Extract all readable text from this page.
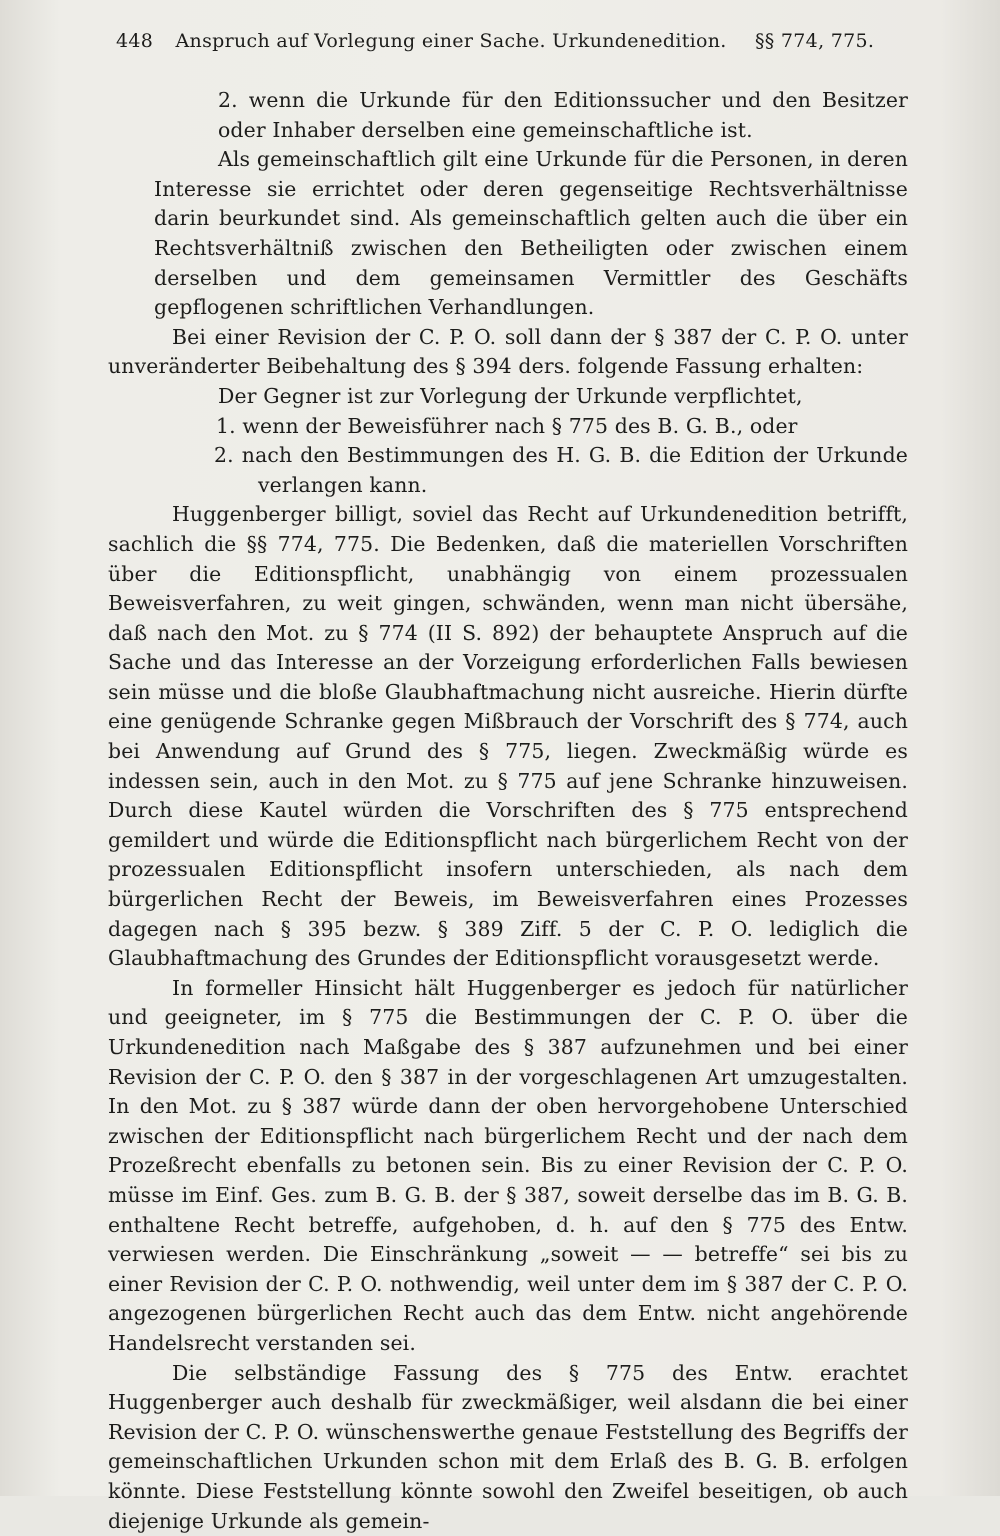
448 Anspruch auf Vorlegung einer Sache. Urkundenedition. §§ 774, 775.

2. wenn die Urkunde für den Editionssucher und den Besitzer oder Inhaber derselben eine gemeinschaftliche ist.

Als gemeinschaftlich gilt eine Urkunde für die Personen, in deren Interesse sie errichtet oder deren gegenseitige Rechtsverhältnisse darin beurkundet sind. Als gemeinschaftlich gelten auch die über ein Rechtsverhältniß zwischen den Betheiligten oder zwischen einem derselben und dem gemeinsamen Vermittler des Geschäfts gepflogenen schriftlichen Verhandlungen.

Bei einer Revision der C. P. O. soll dann der § 387 der C. P. O. unter unveränderter Beibehaltung des § 394 ders. folgende Fassung erhalten:

Der Gegner ist zur Vorlegung der Urkunde verpflichtet,

1. wenn der Beweisführer nach § 775 des B. G. B., oder

2. nach den Bestimmungen des H. G. B. die Edition der Urkunde verlangen kann.

Huggenberger billigt, soviel das Recht auf Urkundenedition betrifft, sachlich die §§ 774, 775. Die Bedenken, daß die materiellen Vorschriften über die Editionspflicht, unabhängig von einem prozessualen Beweisverfahren, zu weit gingen, schwänden, wenn man nicht übersähe, daß nach den Mot. zu § 774 (II S. 892) der behauptete Anspruch auf die Sache und das Interesse an der Vorzeigung erforderlichen Falls bewiesen sein müsse und die bloße Glaubhaftmachung nicht ausreiche. Hierin dürfte eine genügende Schranke gegen Mißbrauch der Vorschrift des § 774, auch bei Anwendung auf Grund des § 775, liegen. Zweckmäßig würde es indessen sein, auch in den Mot. zu § 775 auf jene Schranke hinzuweisen. Durch diese Kautel würden die Vorschriften des § 775 entsprechend gemildert und würde die Editionspflicht nach bürgerlichem Recht von der prozessualen Editionspflicht insofern unterschieden, als nach dem bürgerlichen Recht der Beweis, im Beweisverfahren eines Prozesses dagegen nach § 395 bezw. § 389 Ziff. 5 der C. P. O. lediglich die Glaubhaftmachung des Grundes der Editionspflicht vorausgesetzt werde.

In formeller Hinsicht hält Huggenberger es jedoch für natürlicher und geeigneter, im § 775 die Bestimmungen der C. P. O. über die Urkundenedition nach Maßgabe des § 387 aufzunehmen und bei einer Revision der C. P. O. den § 387 in der vorgeschlagenen Art umzugestalten. In den Mot. zu § 387 würde dann der oben hervorgehobene Unterschied zwischen der Editionspflicht nach bürgerlichem Recht und der nach dem Prozeßrecht ebenfalls zu betonen sein. Bis zu einer Revision der C. P. O. müsse im Einf. Ges. zum B. G. B. der § 387, soweit derselbe das im B. G. B. enthaltene Recht betreffe, aufgehoben, d. h. auf den § 775 des Entw. verwiesen werden. Die Einschränkung „soweit — — betreffe“ sei bis zu einer Revision der C. P. O. nothwendig, weil unter dem im § 387 der C. P. O. angezogenen bürgerlichen Recht auch das dem Entw. nicht angehörende Handelsrecht verstanden sei.

Die selbständige Fassung des § 775 des Entw. erachtet Huggenberger auch deshalb für zweckmäßiger, weil alsdann die bei einer Revision der C. P. O. wünschenswerthe genaue Feststellung des Begriffs der gemeinschaftlichen Urkunden schon mit dem Erlaß des B. G. B. erfolgen könnte. Diese Feststellung könnte sowohl den Zweifel beseitigen, ob auch diejenige Urkunde als gemein-
